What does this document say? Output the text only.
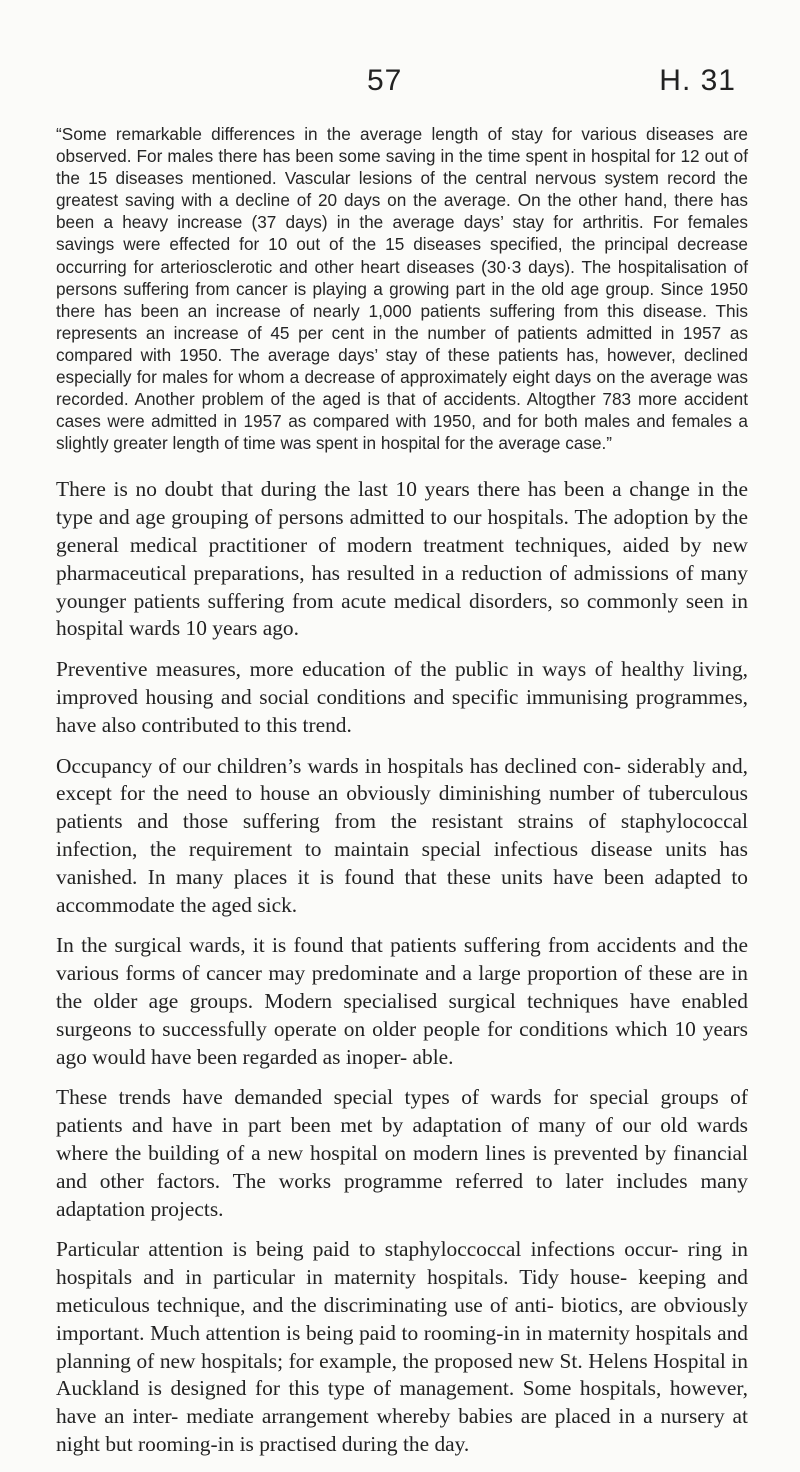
57	H. 31

“Some remarkable differences in the average length of stay for various diseases are observed. For males there has been some saving in the time spent in hospital for 12 out of the 15 diseases mentioned. Vascular lesions of the central nervous system record the greatest saving with a decline of 20 days on the average. On the other hand, there has been a heavy increase (37 days) in the average days’ stay for arthritis. For females savings were effected for 10 out of the 15 diseases specified, the principal decrease occurring for arteriosclerotic and other heart diseases (30·3 days). The hospitalisation of persons suffering from cancer is playing a growing part in the old age group. Since 1950 there has been an increase of nearly 1,000 patients suffering from this disease. This represents an increase of 45 per cent in the number of patients admitted in 1957 as compared with 1950. The average days’ stay of these patients has, however, declined especially for males for whom a decrease of approximately eight days on the average was recorded. Another problem of the aged is that of accidents. Altogther 783 more accident cases were admitted in 1957 as compared with 1950, and for both males and females a slightly greater length of time was spent in hospital for the average case.”

There is no doubt that during the last 10 years there has been a change in the type and age grouping of persons admitted to our hospitals. The adoption by the general medical practitioner of modern treatment techniques, aided by new pharmaceutical preparations, has resulted in a reduction of admissions of many younger patients suffering from acute medical disorders, so commonly seen in hospital wards 10 years ago.

Preventive measures, more education of the public in ways of healthy living, improved housing and social conditions and specific immunising programmes, have also contributed to this trend.

Occupancy of our children’s wards in hospitals has declined con- siderably and, except for the need to house an obviously diminishing number of tuberculous patients and those suffering from the resistant strains of staphylococcal infection, the requirement to maintain special infectious disease units has vanished. In many places it is found that these units have been adapted to accommodate the aged sick.

In the surgical wards, it is found that patients suffering from accidents and the various forms of cancer may predominate and a large proportion of these are in the older age groups. Modern specialised surgical techniques have enabled surgeons to successfully operate on older people for conditions which 10 years ago would have been regarded as inoper- able.

These trends have demanded special types of wards for special groups of patients and have in part been met by adaptation of many of our old wards where the building of a new hospital on modern lines is prevented by financial and other factors. The works programme referred to later includes many adaptation projects.

Particular attention is being paid to staphyloccoccal infections occur- ring in hospitals and in particular in maternity hospitals. Tidy house- keeping and meticulous technique, and the discriminating use of anti- biotics, are obviously important. Much attention is being paid to rooming-in in maternity hospitals and planning of new hospitals; for example, the proposed new St. Helens Hospital in Auckland is designed for this type of management. Some hospitals, however, have an inter- mediate arrangement whereby babies are placed in a nursery at night but rooming-in is practised during the day.
